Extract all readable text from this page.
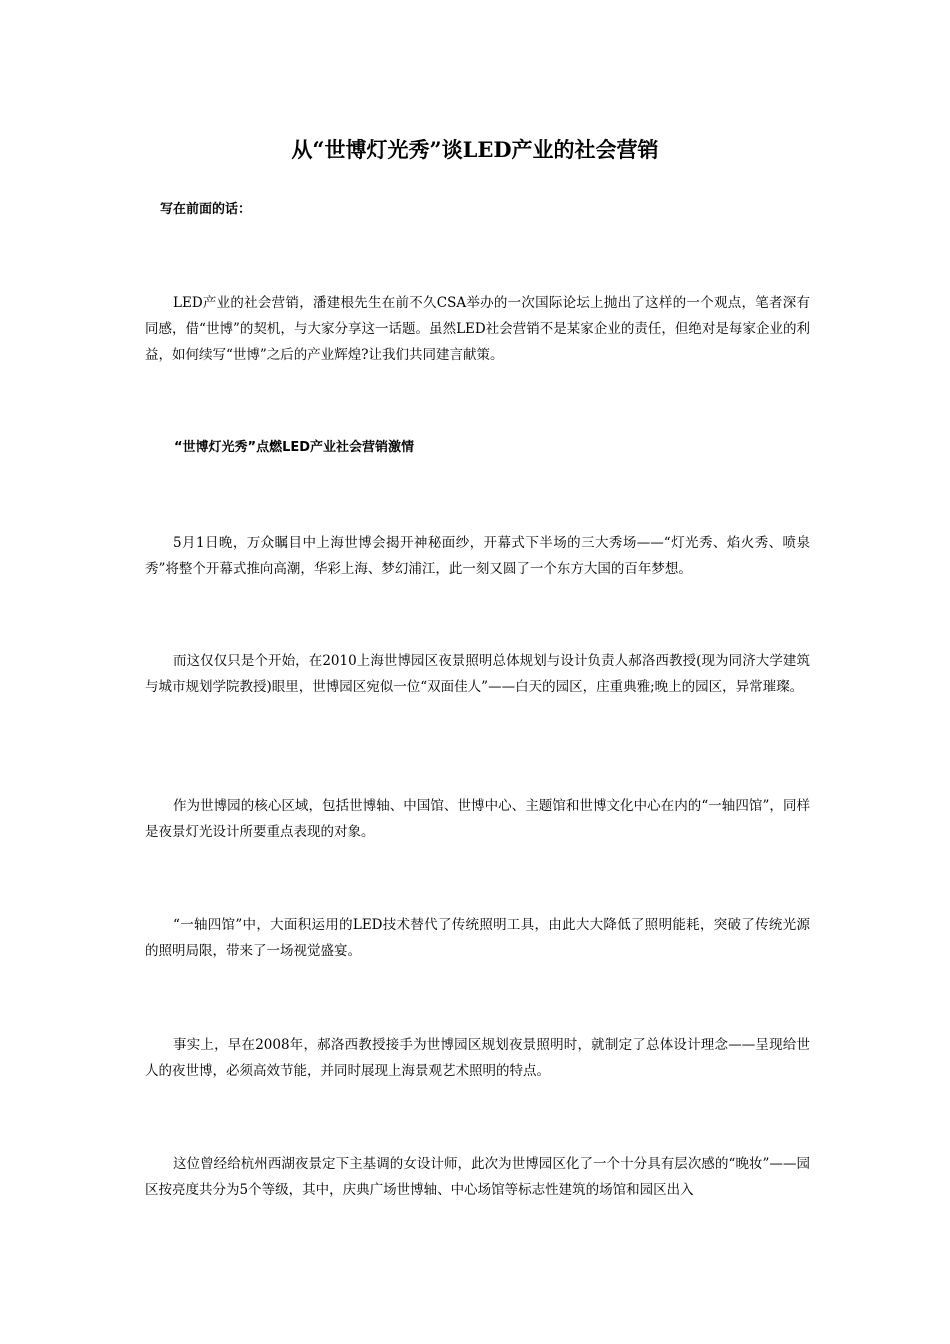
从“世博灯光秀”谈LED产业的社会营销

写在前面的话：

LED产业的社会营销，潘建根先生在前不久CSA举办的一次国际论坛上抛出了这样的一个观点，笔者深有同感，借“世博”的契机，与大家分享这一话题。虽然LED社会营销不是某家企业的责任，但绝对是每家企业的利益，如何续写“世博”之后的产业辉煌?让我们共同建言献策。

“世博灯光秀”点燃LED产业社会营销激情

5月1日晚，万众瞩目中上海世博会揭开神秘面纱，开幕式下半场的三大秀场——“灯光秀、焰火秀、喷泉秀”将整个开幕式推向高潮，华彩上海、梦幻浦江，此一刻又圆了一个东方大国的百年梦想。

而这仅仅只是个开始，在2010上海世博园区夜景照明总体规划与设计负责人郝洛西教授(现为同济大学建筑与城市规划学院教授)眼里，世博园区宛似一位“双面佳人”——白天的园区，庄重典雅;晚上的园区，异常璀璨。

作为世博园的核心区域，包括世博轴、中国馆、世博中心、主题馆和世博文化中心在内的“一轴四馆”，同样是夜景灯光设计所要重点表现的对象。

“一轴四馆”中，大面积运用的LED技术替代了传统照明工具，由此大大降低了照明能耗，突破了传统光源的照明局限，带来了一场视觉盛宴。

事实上，早在2008年，郝洛西教授接手为世博园区规划夜景照明时，就制定了总体设计理念——呈现给世人的夜世博，必须高效节能，并同时展现上海景观艺术照明的特点。

这位曾经给杭州西湖夜景定下主基调的女设计师，此次为世博园区化了一个十分具有层次感的“晚妆”——园区按亮度共分为5个等级，其中，庆典广场世博轴、中心场馆等标志性建筑的场馆和园区出入
